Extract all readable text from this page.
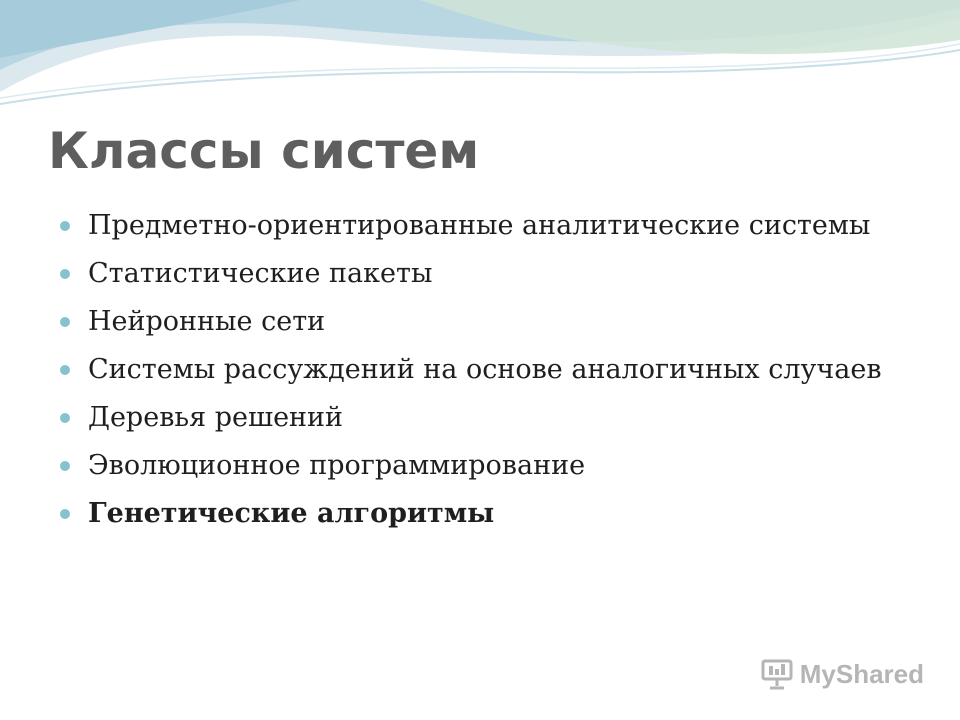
Классы систем
Предметно-ориентированные аналитические системы
Статистические пакеты
Нейронные сети
Системы рассуждений на основе аналогичных случаев
Деревья решений
Эволюционное программирование
Генетические алгоритмы
MyShared
